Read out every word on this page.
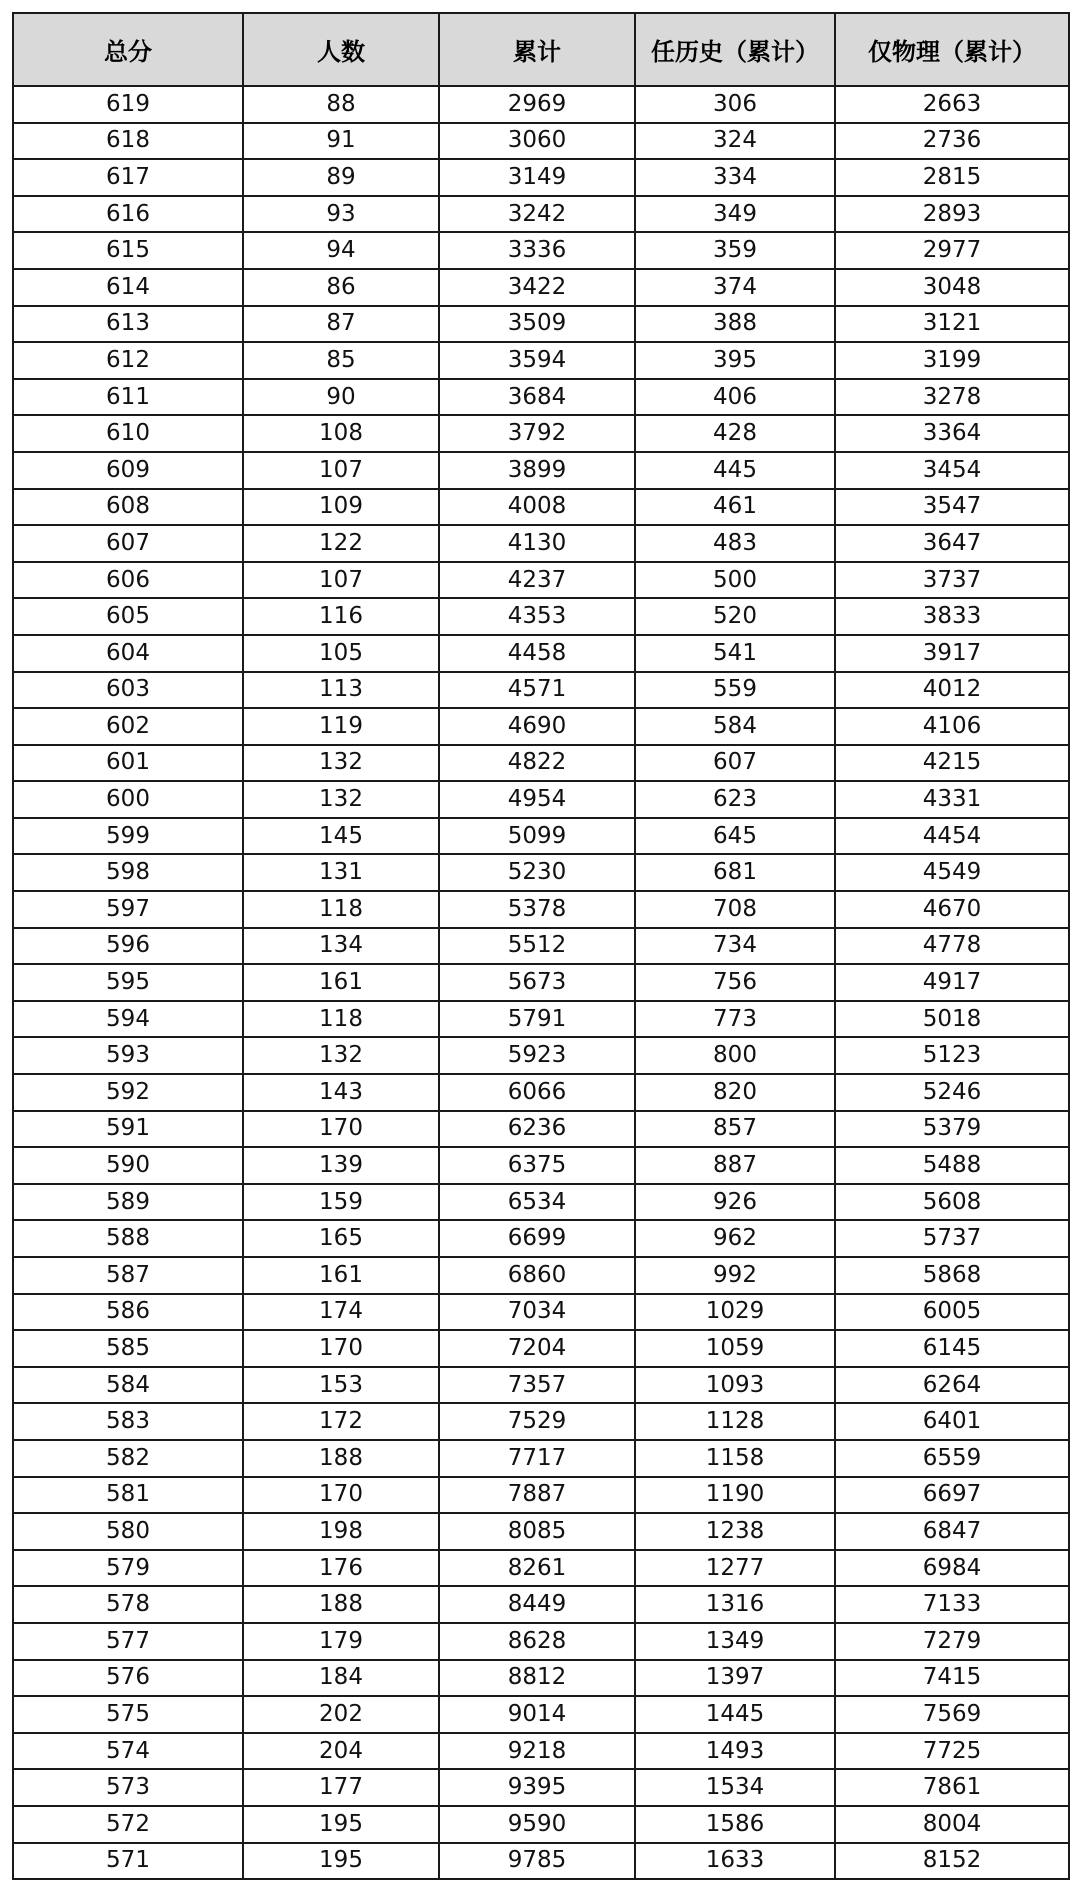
总分	人数	累计	任历史（累计）	仅物理（累计）
619	88	2969	306	2663
618	91	3060	324	2736
617	89	3149	334	2815
616	93	3242	349	2893
615	94	3336	359	2977
614	86	3422	374	3048
613	87	3509	388	3121
612	85	3594	395	3199
611	90	3684	406	3278
610	108	3792	428	3364
609	107	3899	445	3454
608	109	4008	461	3547
607	122	4130	483	3647
606	107	4237	500	3737
605	116	4353	520	3833
604	105	4458	541	3917
603	113	4571	559	4012
602	119	4690	584	4106
601	132	4822	607	4215
600	132	4954	623	4331
599	145	5099	645	4454
598	131	5230	681	4549
597	118	5378	708	4670
596	134	5512	734	4778
595	161	5673	756	4917
594	118	5791	773	5018
593	132	5923	800	5123
592	143	6066	820	5246
591	170	6236	857	5379
590	139	6375	887	5488
589	159	6534	926	5608
588	165	6699	962	5737
587	161	6860	992	5868
586	174	7034	1029	6005
585	170	7204	1059	6145
584	153	7357	1093	6264
583	172	7529	1128	6401
582	188	7717	1158	6559
581	170	7887	1190	6697
580	198	8085	1238	6847
579	176	8261	1277	6984
578	188	8449	1316	7133
577	179	8628	1349	7279
576	184	8812	1397	7415
575	202	9014	1445	7569
574	204	9218	1493	7725
573	177	9395	1534	7861
572	195	9590	1586	8004
571	195	9785	1633	8152
